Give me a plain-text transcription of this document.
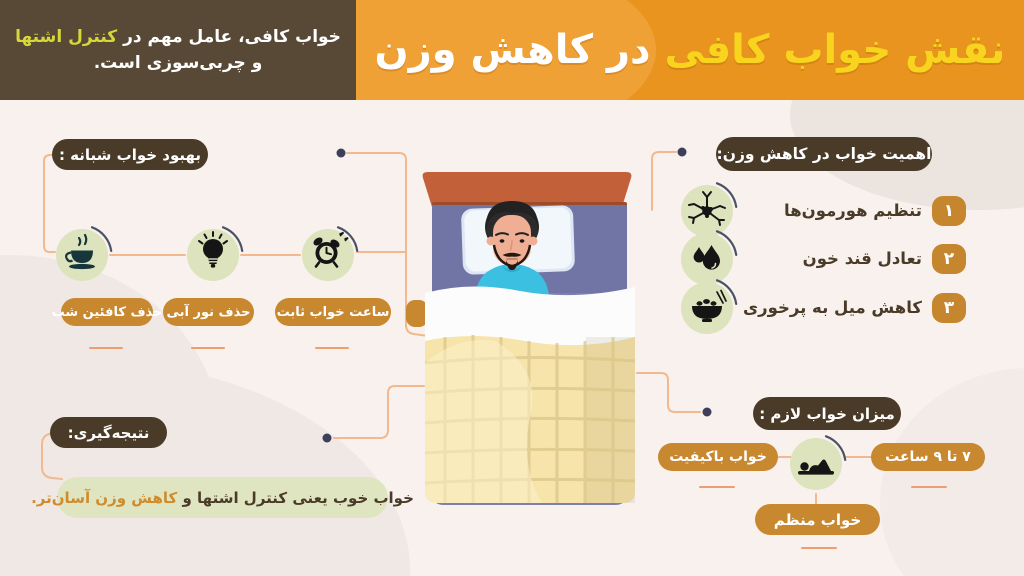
خواب کافی، عامل مهم در کنترل اشتها
و چربی‌سوزی است.	نقش خواب کافی در کاهش وزن
بهبود خواب شبانه :
حذف کافئین شب حذف نور آبی ساعت خواب ثابت
اهمیت خواب در کاهش وزن:
۱
۲
۳
تنظیم هورمون‌ها
تعادل قند خون
کاهش میل به پرخوری
میزان خواب لازم :
خواب باکیفیت	۷ تا ۹ ساعت
خواب منظم
نتیجه‌گیری:
خواب خوب یعنی کنترل اشتها و

کاهش وزن آسان‌تر.
